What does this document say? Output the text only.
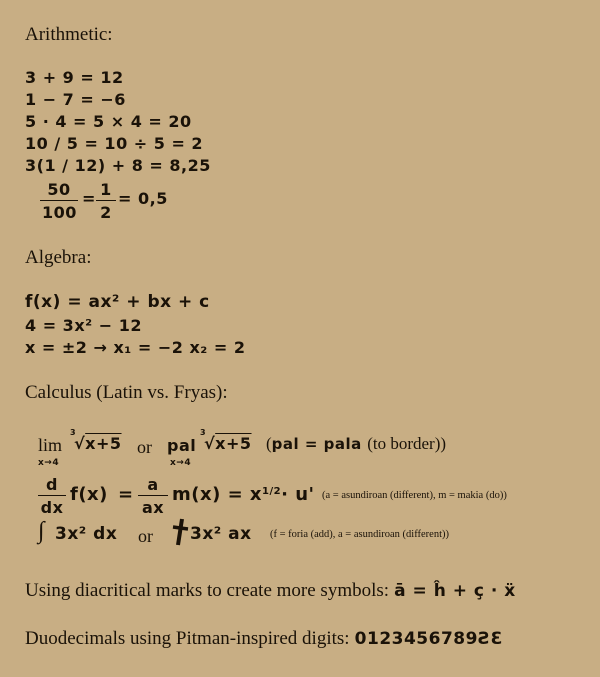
Arithmetic:
3 + 9 = 12
1 − 7 = −6
5 · 4 = 5 × 4 = 20
10 / 5 = 10 ÷ 5 = 2
3(1 / 12) + 8 = 8,25
$\frac{50}{100} = \frac{1}{2} = 0,5$
Algebra:
f(x) = ax² + bx + c
4 = 3x² − 12
x = ±2 → x₁ = −2 x₂ = 2
Calculus (Latin vs. Fryas):
lim
x→4
3
√x+5 or pal
x→4
3
√x+5 (pal = pala (to border))
$\frac{d}{dx} f(x) = \frac{a}{ax} m(x) = x^{1/2}\cdot u'$ (a = asundiroan (different), m = makia (do))
∫ 3x² dx or 3x² ax (f = foria (add), a = asundiroan (different))
Using diacritical marks to create more symbols: ā = ĥ + ç · ẍ
Duodecimals using Pitman-inspired digits: 0123456789ƧƐ
